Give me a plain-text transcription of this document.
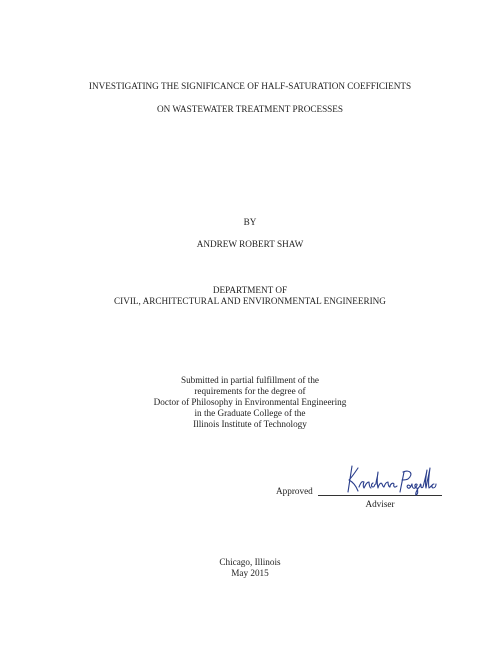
INVESTIGATING THE SIGNIFICANCE OF HALF-SATURATION COEFFICIENTS
ON WASTEWATER TREATMENT PROCESSES
BY
ANDREW ROBERT SHAW
DEPARTMENT OF
CIVIL, ARCHITECTURAL AND ENVIRONMENTAL ENGINEERING
Submitted in partial fulfillment of the
requirements for the degree of
Doctor of Philosophy in Environmental Engineering
in the Graduate College of the
Illinois Institute of Technology
Approved
Adviser
Chicago, Illinois
May 2015
